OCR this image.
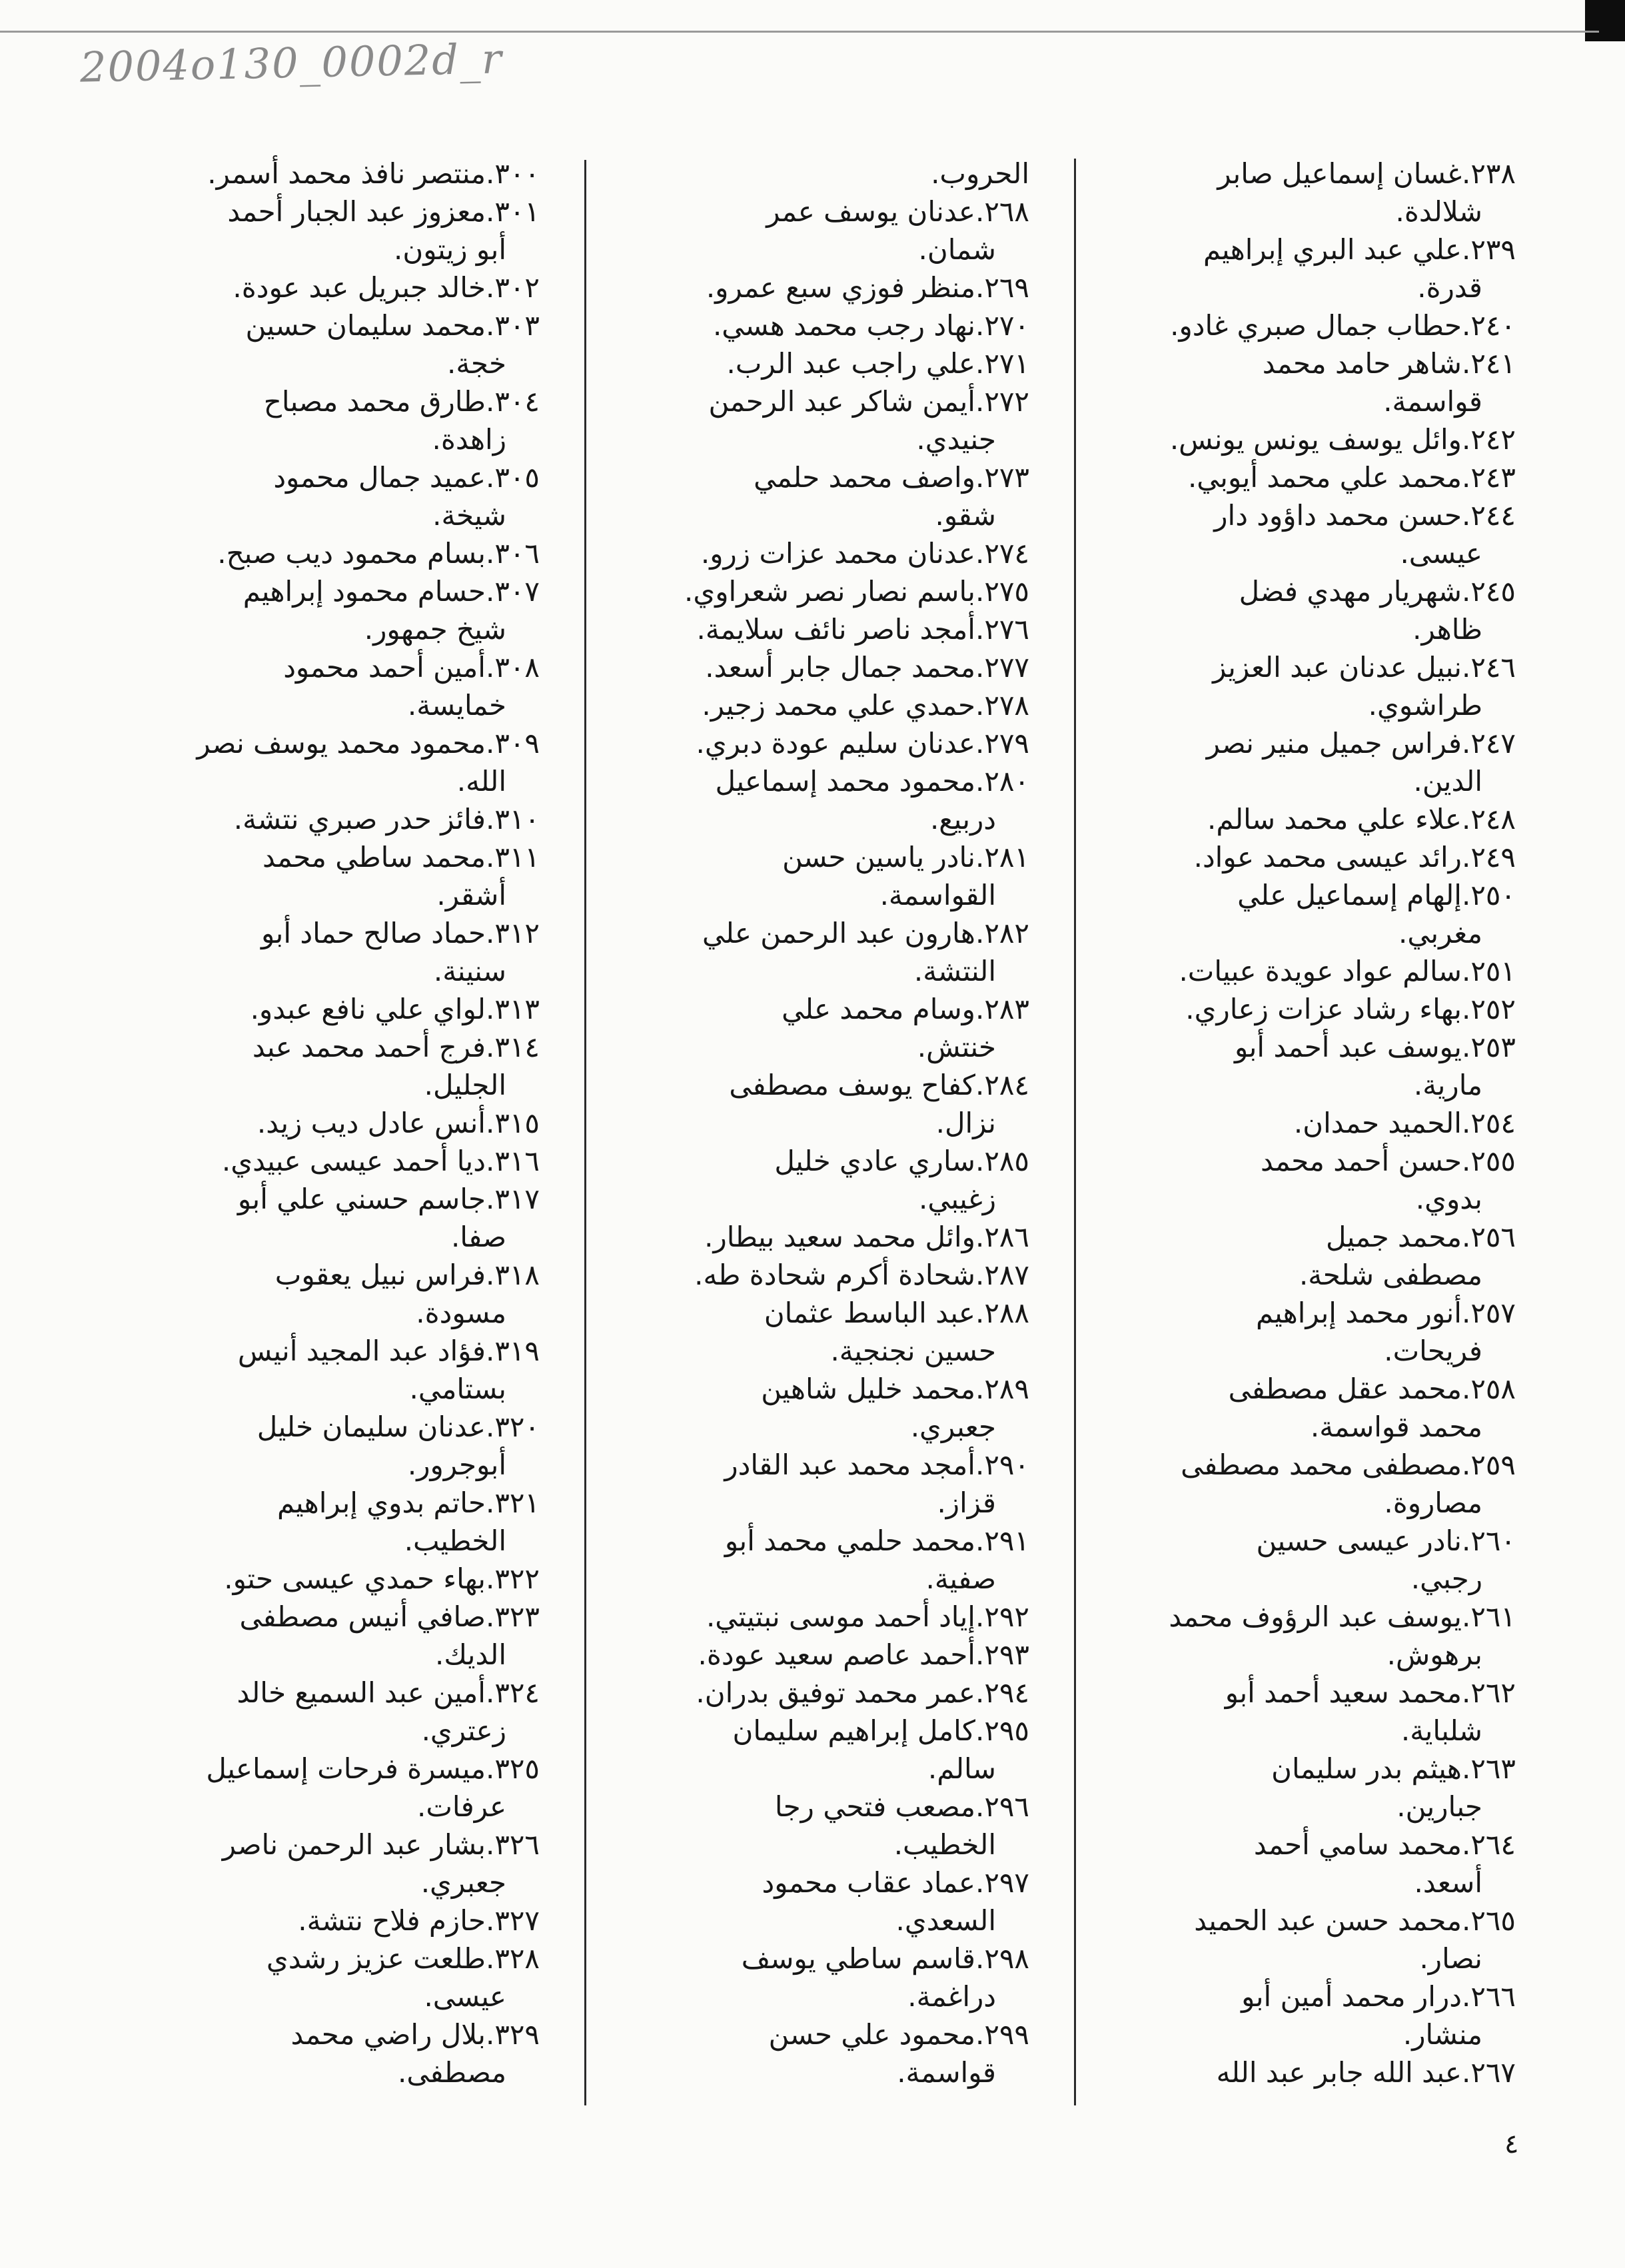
2004o130_0002d_r

۲۳۸.غسان إسماعيل صابر

شلالدة.

۲۳۹.علي عبد البري إبراهيم

قدرة.

۲٤۰.حطاب جمال صبري غادو.

۲٤۱.شاهر حامد محمد

قواسمة.

۲٤۲.وائل يوسف يونس يونس.

۲٤۳.محمد علي محمد أيوبي.

۲٤٤.حسن محمد داؤود دار

عيسى.

۲٤٥.شهريار مهدي فضل

ظاهر.

۲٤٦.نبيل عدنان عبد العزيز

طراشوي.

۲٤۷.فراس جميل منير نصر

الدين.

۲٤۸.علاء علي محمد سالم.

۲٤۹.رائد عيسى محمد عواد.

۲٥۰.إلهام إسماعيل علي

مغربي.

۲٥۱.سالم عواد عويدة عبيات.

۲٥۲.بهاء رشاد عزات زعاري.

۲٥۳.يوسف عبد أحمد أبو

مارية.

۲٥٤.الحميد حمدان.

۲٥٥.حسن أحمد محمد

بدوي.

۲٥٦.محمد جميل

مصطفى شلحة.

۲٥۷.أنور محمد إبراهيم

فريحات.

۲٥۸.محمد عقل مصطفى

محمد قواسمة.

۲٥۹.مصطفى محمد مصطفى

مصاروة.

۲٦۰.نادر عيسى حسين

رجبي.

۲٦۱.يوسف عبد الرؤوف محمد

برهوش.

۲٦۲.محمد سعيد أحمد أبو

شلباية.

۲٦۳.هيثم بدر سليمان

جبارين.

۲٦٤.محمد سامي أحمد

أسعد.

۲٦٥.محمد حسن عبد الحميد

نصار.

۲٦٦.درار محمد أمين أبو

منشار.

۲٦۷.عبد الله جابر عبد الله

الحروب.

۲٦۸.عدنان يوسف عمر

شمان.

۲٦۹.منظر فوزي سبع عمرو.

۲۷۰.نهاد رجب محمد هسي.

۲۷۱.علي راجب عبد الرب.

۲۷۲.أيمن شاكر عبد الرحمن

جنيدي.

۲۷۳.واصف محمد حلمي

شقو.

۲۷٤.عدنان محمد عزات زرو.

۲۷٥.باسم نصار نصر شعراوي.

۲۷٦.أمجد ناصر نائف سلايمة.

۲۷۷.محمد جمال جابر أسعد.

۲۷۸.حمدي علي محمد زجير.

۲۷۹.عدنان سليم عودة دبري.

۲۸۰.محمود محمد إسماعيل

دربيع.

۲۸۱.نادر ياسين حسن

القواسمة.

۲۸۲.هارون عبد الرحمن علي

النتشة.

۲۸۳.وسام محمد علي

خنتش.

۲۸٤.كفاح يوسف مصطفى

نزال.

۲۸٥.ساري عادي خليل

زغيبي.

۲۸٦.وائل محمد سعيد بيطار.

۲۸۷.شحادة أكرم شحادة طه.

۲۸۸.عبد الباسط عثمان

حسين نجنجية.

۲۸۹.محمد خليل شاهين

جعبري.

۲۹۰.أمجد محمد عبد القادر

قزاز.

۲۹۱.محمد حلمي محمد أبو

صفية.

۲۹۲.إياد أحمد موسى نبتيتي.

۲۹۳.أحمد عاصم سعيد عودة.

۲۹٤.عمر محمد توفيق بدران.

۲۹٥.كامل إبراهيم سليمان

سالم.

۲۹٦.مصعب فتحي رجا

الخطيب.

۲۹۷.عماد عقاب محمود

السعدي.

۲۹۸.قاسم ساطي يوسف

دراغمة.

۲۹۹.محمود علي حسن

قواسمة.

۳۰۰.منتصر نافذ محمد أسمر.

۳۰۱.معزوز عبد الجبار أحمد

أبو زيتون.

۳۰۲.خالد جبريل عبد عودة.

۳۰۳.محمد سليمان حسين

خجة.

۳۰٤.طارق محمد مصباح

زاهدة.

۳۰٥.عميد جمال محمود

شيخة.

۳۰٦.بسام محمود ديب صبح.

۳۰۷.حسام محمود إبراهيم

شيخ جمهور.

۳۰۸.أمين أحمد محمود

خمايسة.

۳۰۹.محمود محمد يوسف نصر

الله.

۳۱۰.فائز حدر صبري نتشة.

۳۱۱.محمد ساطي محمد

أشقر.

۳۱۲.حماد صالح حماد أبو

سنينة.

۳۱۳.لواي علي نافع عبدو.

۳۱٤.فرج أحمد محمد عبد

الجليل.

۳۱٥.أنس عادل ديب زيد.

۳۱٦.ديا أحمد عيسى عبيدي.

۳۱۷.جاسم حسني علي أبو

صفا.

۳۱۸.فراس نبيل يعقوب

مسودة.

۳۱۹.فؤاد عبد المجيد أنيس

بستامي.

۳۲۰.عدنان سليمان خليل

أبوجرور.

۳۲۱.حاتم بدوي إبراهيم

الخطيب.

۳۲۲.بهاء حمدي عيسى حتو.

۳۲۳.صافي أنيس مصطفى

الديك.

۳۲٤.أمين عبد السميع خالد

زعتري.

۳۲٥.ميسرة فرحات إسماعيل

عرفات.

۳۲٦.بشار عبد الرحمن ناصر

جعبري.

۳۲۷.حازم فلاح نتشة.

۳۲۸.طلعت عزيز رشدي

عيسى.

۳۲۹.بلال راضي محمد

مصطفى.

٤
